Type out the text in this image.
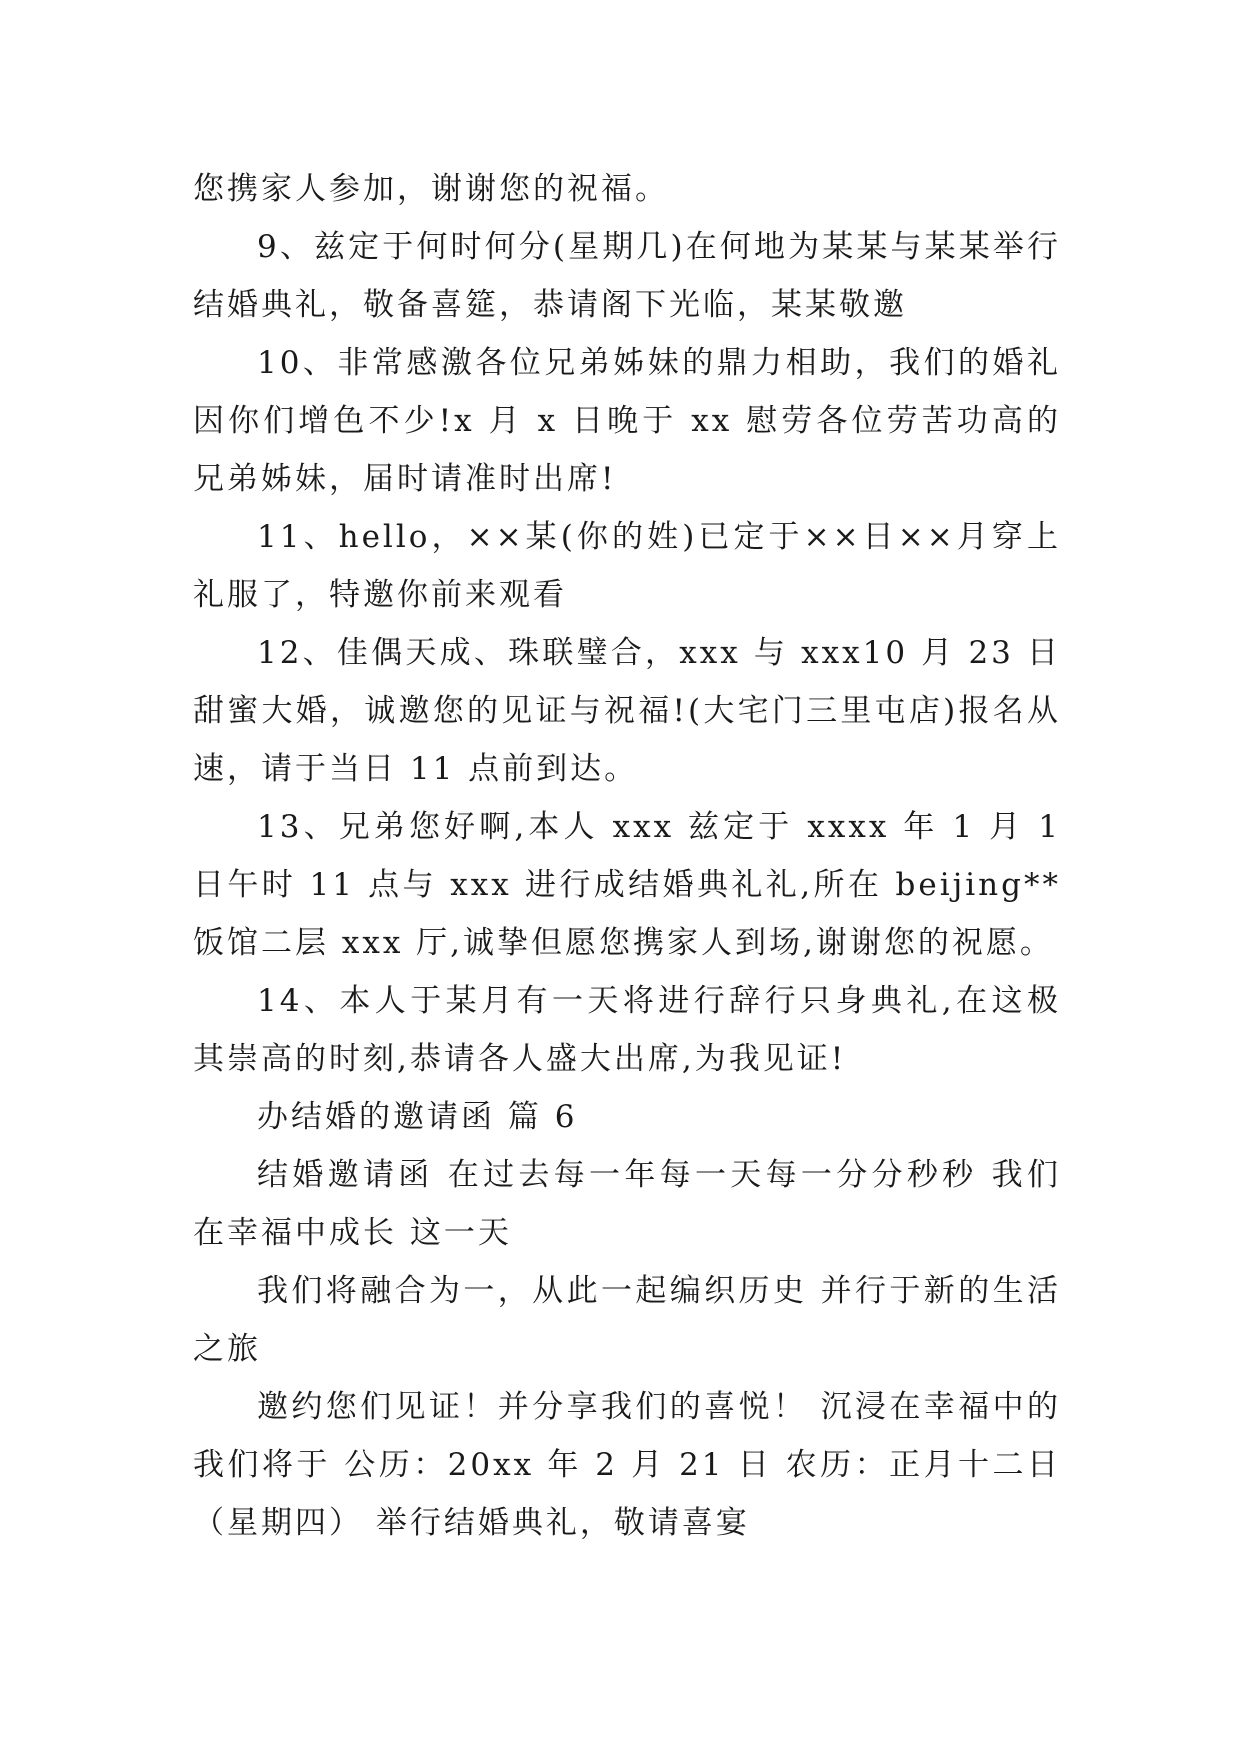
您携家人参加，谢谢您的祝福。

9、兹定于何时何分(星期几)在何地为某某与某某举行结婚典礼，敬备喜筵，恭请阁下光临，某某敬邀

10、非常感激各位兄弟姊妹的鼎力相助，我们的婚礼因你们增色不少!x 月 x 日晚于 xx 慰劳各位劳苦功高的兄弟姊妹，届时请准时出席!

11、hello，××某(你的姓)已定于××日××月穿上礼服了，特邀你前来观看

12、佳偶天成、珠联璧合，xxx 与 xxx10 月 23 日甜蜜大婚，诚邀您的见证与祝福!(大宅门三里屯店)报名从速，请于当日 11 点前到达。

13、兄弟您好啊,本人 xxx 兹定于 xxxx 年 1 月 1 日午时 11 点与 xxx 进行成结婚典礼礼,所在 beijing**饭馆二层 xxx 厅,诚挚但愿您携家人到场,谢谢您的祝愿。

14、本人于某月有一天将进行辞行只身典礼,在这极其崇高的时刻,恭请各人盛大出席,为我见证!

办结婚的邀请函 篇 6

结婚邀请函 在过去每一年每一天每一分分秒秒 我们在幸福中成长 这一天

我们将融合为一，从此一起编织历史 并行于新的生活之旅

邀约您们见证！并分享我们的喜悦！ 沉浸在幸福中的我们将于 公历：20xx 年 2 月 21 日 农历：正月十二日（星期四） 举行结婚典礼，敬请喜宴
